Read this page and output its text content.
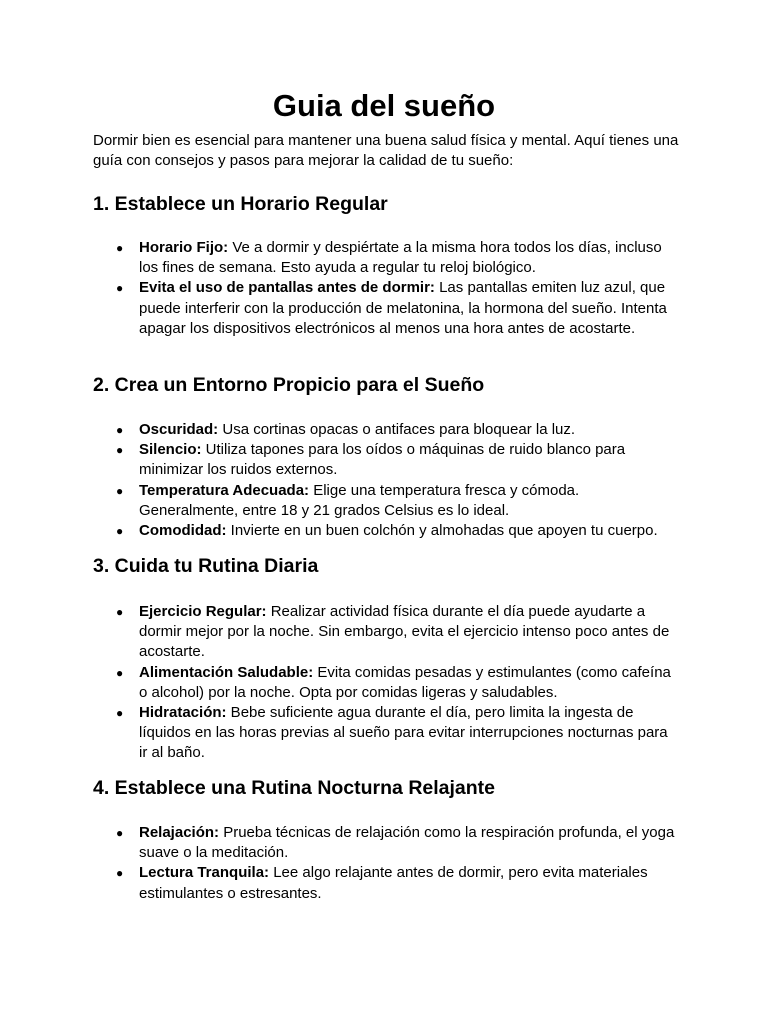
Guia del sueño

Dormir bien es esencial para mantener una buena salud física y mental. Aquí tienes una guía con consejos y pasos para mejorar la calidad de tu sueño:

1. Establece un Horario Regular
● Horario Fijo: Ve a dormir y despiértate a la misma hora todos los días, incluso los fines de semana. Esto ayuda a regular tu reloj biológico.
● Evita el uso de pantallas antes de dormir: Las pantallas emiten luz azul, que puede interferir con la producción de melatonina, la hormona del sueño. Intenta apagar los dispositivos electrónicos al menos una hora antes de acostarte.
2. Crea un Entorno Propicio para el Sueño
● Oscuridad: Usa cortinas opacas o antifaces para bloquear la luz.
● Silencio: Utiliza tapones para los oídos o máquinas de ruido blanco para minimizar los ruidos externos.
● Temperatura Adecuada: Elige una temperatura fresca y cómoda. Generalmente, entre 18 y 21 grados Celsius es lo ideal.
● Comodidad: Invierte en un buen colchón y almohadas que apoyen tu cuerpo.
3. Cuida tu Rutina Diaria
● Ejercicio Regular: Realizar actividad física durante el día puede ayudarte a dormir mejor por la noche. Sin embargo, evita el ejercicio intenso poco antes de acostarte.
● Alimentación Saludable: Evita comidas pesadas y estimulantes (como cafeína o alcohol) por la noche. Opta por comidas ligeras y saludables.
● Hidratación: Bebe suficiente agua durante el día, pero limita la ingesta de líquidos en las horas previas al sueño para evitar interrupciones nocturnas para ir al baño.
4. Establece una Rutina Nocturna Relajante
● Relajación: Prueba técnicas de relajación como la respiración profunda, el yoga suave o la meditación.
● Lectura Tranquila: Lee algo relajante antes de dormir, pero evita materiales estimulantes o estresantes.
